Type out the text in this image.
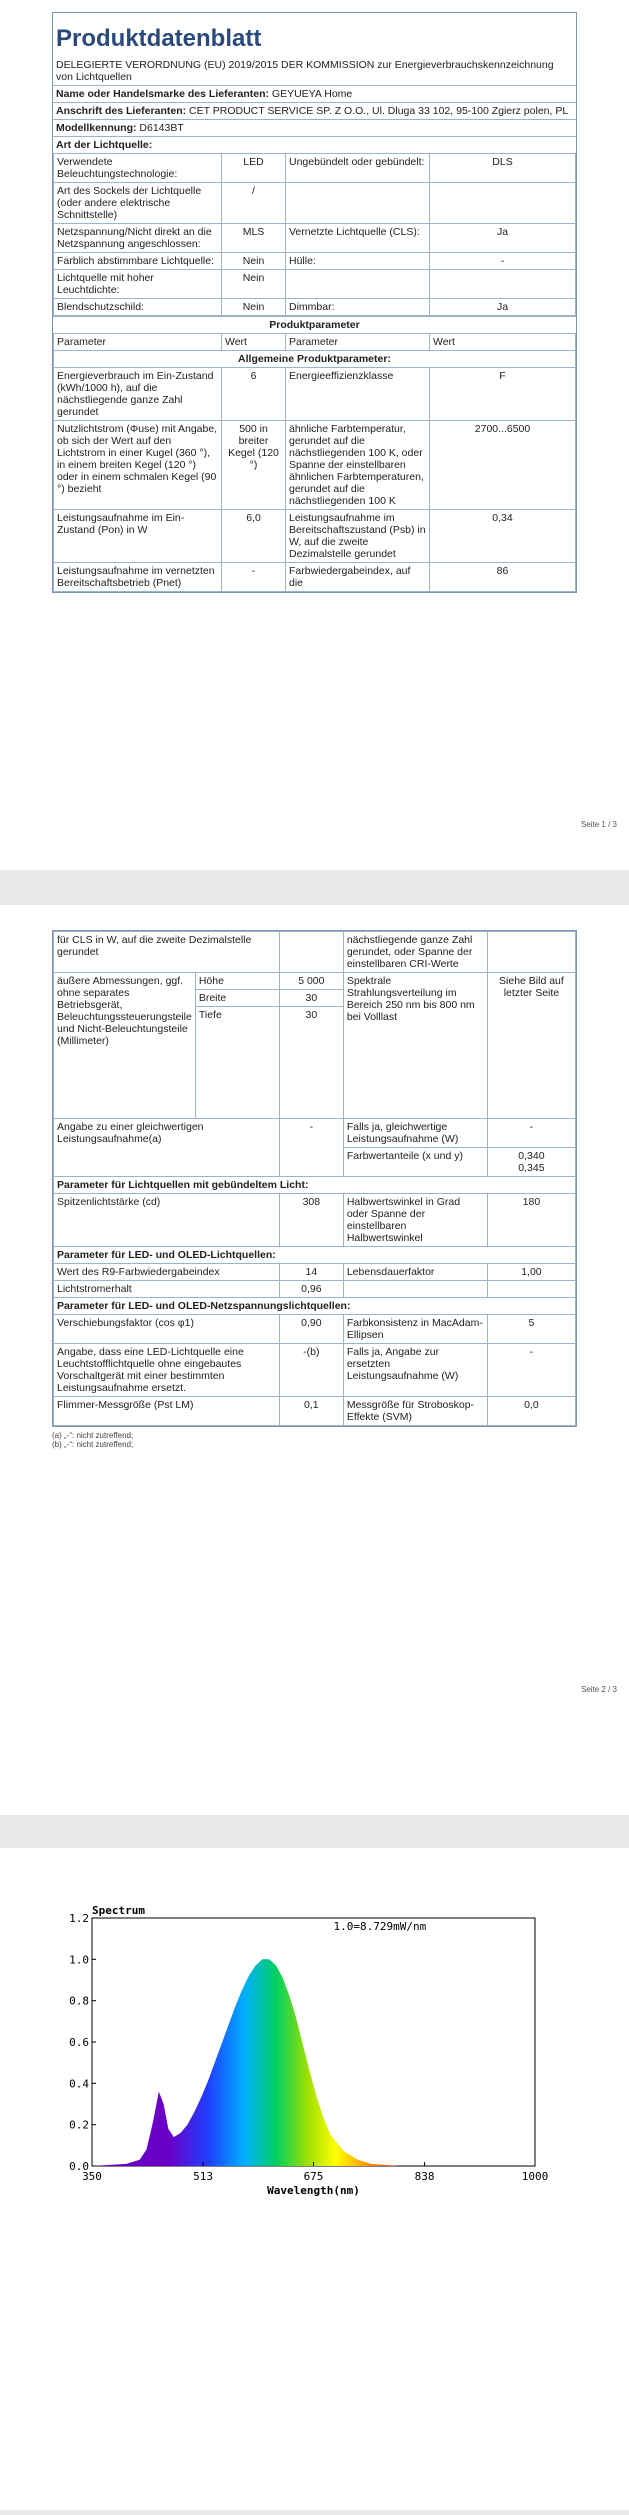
Produktdatenblatt
DELEGIERTE VERORDNUNG (EU) 2019/2015 DER KOMMISSION zur Energieverbrauchskennzeichnung von Lichtquellen
Name oder Handelsmarke des Lieferanten: GEYUEYA Home
Anschrift des Lieferanten: CET PRODUCT SERVICE SP. Z O.O., Ul. Dluga 33 102, 95-100 Zgierz polen, PL
Modellkennung: D6143BT
Art der Lichtquelle:
Verwendete Beleuchtungstechnologie:	LED	Ungebündelt oder gebündelt:	DLS
Art des Sockels der Lichtquelle (oder andere elektrische Schnittstelle)	/		
Netzspannung/Nicht direkt an die Netzspannung angeschlossen:	MLS	Vernetzte Lichtquelle (CLS):	Ja
Farblich abstimmbare Lichtquelle:	Nein	Hülle:	-
Lichtquelle mit hoher Leuchtdichte:	Nein		
Blendschutzschild:	Nein	Dimmbar:	Ja
Produktparameter
Parameter	Wert	Parameter	Wert
Allgemeine Produktparameter:			
Energieverbrauch im Ein-Zustand (kWh/1000 h), auf die nächstliegende ganze Zahl gerundet	6	Energieeffizienzklasse	F
Nutzlichtstrom (Φuse) mit Angabe, ob sich der Wert auf den Lichtstrom in einer Kugel (360 °), in einem breiten Kegel (120 °) oder in einem schmalen Kegel (90 °) bezieht	500 in breiter Kegel (120 °)	ähnliche Farbtemperatur, gerundet auf die nächstliegenden 100 K, oder Spanne der einstellbaren ähnlichen Farbtemperaturen, gerundet auf die nächstliegenden 100 K	2700...6500
Leistungsaufnahme im Ein-Zustand (Pon) in W	6,0	Leistungsaufnahme im Bereitschaftszustand (Psb) in W, auf die zweite Dezimalstelle gerundet	0,34
Leistungsaufnahme im vernetzten Bereitschaftsbetrieb (Pnet)	-	Farbwiedergabeindex, auf die	86
Seite 1 / 3
für CLS in W, auf die zweite Dezimalstelle gerundet			nächstliegende ganze Zahl gerundet, oder Spanne der einstellbaren CRI-Werte	
äußere Abmessungen, ggf. ohne separates Betriebsgerät, Beleuchtungssteuerungsteile und Nicht-Beleuchtungsteile (Millimeter)	Höhe	5 000	Spektrale Strahlungsverteilung im Bereich 250 nm bis 800 nm bei Volllast	Siehe Bild auf letzter Seite
	Breite	30		
	Tiefe	30		
Angabe zu einer gleichwertigen Leistungsaufnahme(a)		-	Falls ja, gleichwertige Leistungsaufnahme (W)	-
			Farbwertanteile (x und y)	0,340
0,345
Parameter für Lichtquellen mit gebündeltem Licht:				
Spitzenlichtstärke (cd)		308	Halbwertswinkel in Grad oder Spanne der einstellbaren Halbwertswinkel	180
Parameter für LED- und OLED-Lichtquellen:				
Wert des R9-Farbwiedergabeindex		14	Lebensdauerfaktor	1,00
Lichtstromerhalt		0,96		
Parameter für LED- und OLED-Netzspannungslichtquellen:				
Verschiebungsfaktor (cos φ1)		0,90	Farbkonsistenz in MacAdam-Ellipsen	5
Angabe, dass eine LED-Lichtquelle eine Leuchtstofflichtquelle ohne eingebautes Vorschaltgerät mit einer bestimmten Leistungsaufnahme ersetzt.		-(b)	Falls ja, Angabe zur ersetzten Leistungsaufnahme (W)	-
Flimmer-Messgröße (Pst LM)		0,1	Messgröße für Stroboskop-Effekte (SVM)	0,0
(a) „-“: nicht zutreffend;
(b) „-“: nicht zutreffend;
Seite 2 / 3
0.0
0.2
0.4
0.6
0.8
1.0
1.2
350	513	675	838	1000
Spectrum
1.0=8.729mW/nm
Wavelength(nm)
